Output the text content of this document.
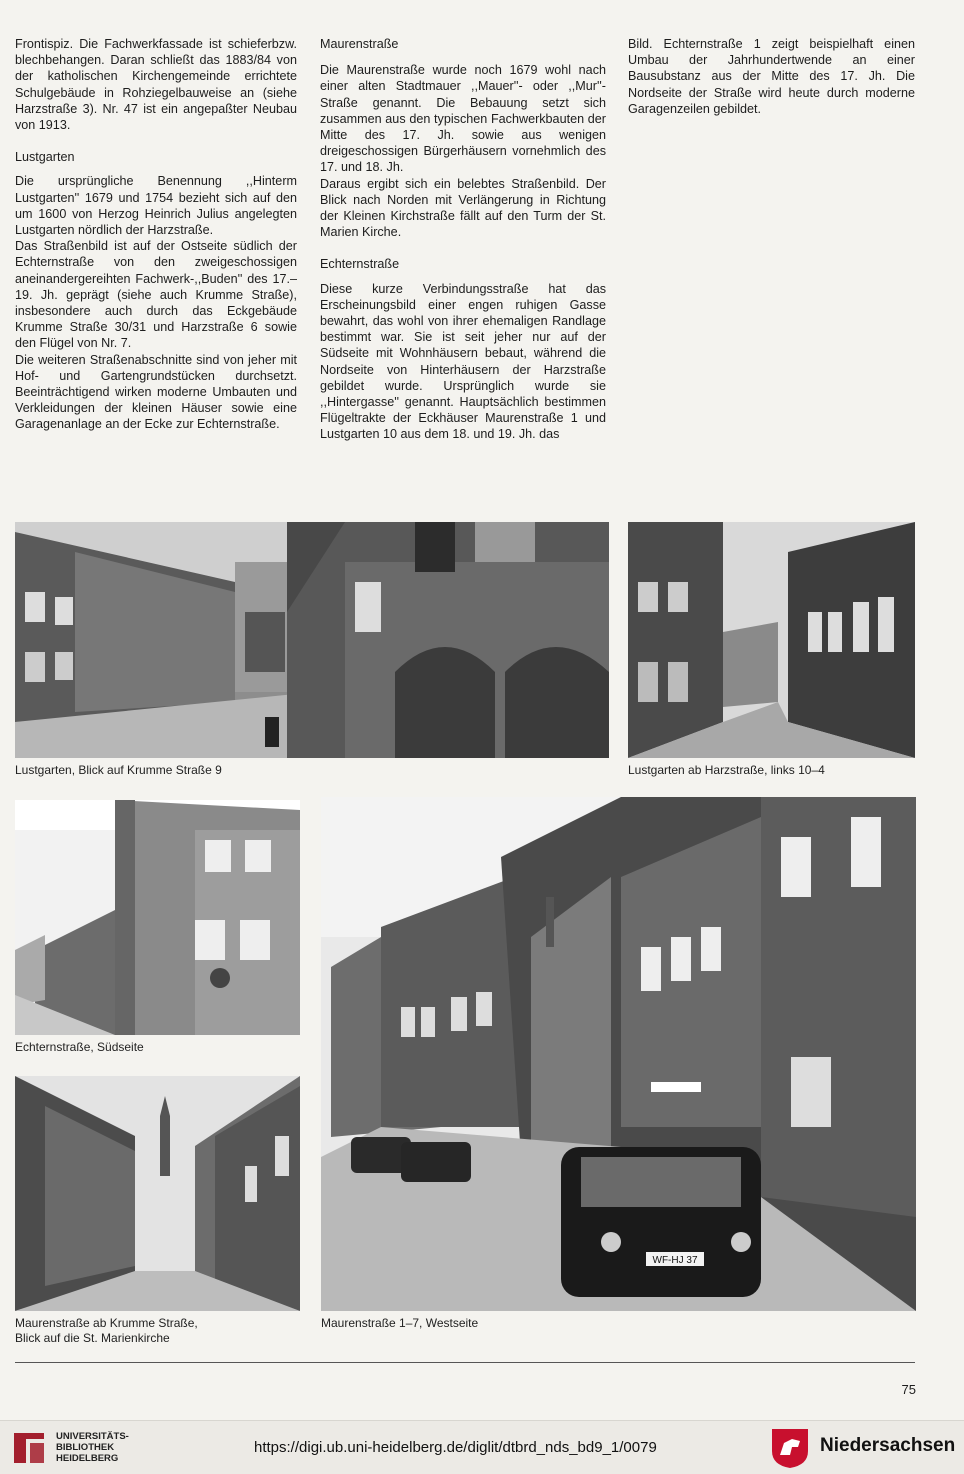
Frontispiz. Die Fachwerkfassade ist schieferbzw. blechbehangen. Daran schließt das 1883/84 von der katholischen Kirchengemeinde errichtete Schulgebäude in Rohziegelbauweise an (siehe Harzstraße 3). Nr. 47 ist ein angepaßter Neubau von 1913.

Lustgarten

Die ursprüngliche Benennung ,,Hinterm Lustgarten'' 1679 und 1754 bezieht sich auf den um 1600 von Herzog Heinrich Julius angelegten Lustgarten nördlich der Harzstraße.

Das Straßenbild ist auf der Ostseite südlich der Echternstraße von den zweigeschossigen aneinandergereihten Fachwerk-,,Buden'' des 17.–19. Jh. geprägt (siehe auch Krumme Straße), insbesondere auch durch das Eckgebäude Krumme Straße 30/31 und Harzstraße 6 sowie den Flügel von Nr. 7.

Die weiteren Straßenabschnitte sind von jeher mit Hof- und Gartengrundstücken durchsetzt. Beeinträchtigend wirken moderne Umbauten und Verkleidungen der kleinen Häuser sowie eine Garagenanlage an der Ecke zur Echternstraße.

Maurenstraße

Die Maurenstraße wurde noch 1679 wohl nach einer alten Stadtmauer ,,Mauer''- oder ,,Mur''-Straße genannt. Die Bebauung setzt sich zusammen aus den typischen Fachwerkbauten der Mitte des 17. Jh. sowie aus wenigen dreigeschossigen Bürgerhäusern vornehmlich des 17. und 18. Jh.

Daraus ergibt sich ein belebtes Straßenbild. Der Blick nach Norden mit Verlängerung in Richtung der Kleinen Kirchstraße fällt auf den Turm der St. Marien Kirche.

Echternstraße

Diese kurze Verbindungsstraße hat das Erscheinungsbild einer engen ruhigen Gasse bewahrt, das wohl von ihrer ehemaligen Randlage bestimmt war. Sie ist seit jeher nur auf der Südseite mit Wohnhäusern bebaut, während die Nordseite von Hinterhäusern der Harzstraße gebildet wurde. Ursprünglich wurde sie ,,Hintergasse'' genannt. Hauptsächlich bestimmen Flügeltrakte der Eckhäuser Maurenstraße 1 und Lustgarten 10 aus dem 18. und 19. Jh. das

Bild. Echternstraße 1 zeigt beispielhaft einen Umbau der Jahrhundertwende an einer Bausubstanz aus der Mitte des 17. Jh. Die Nordseite der Straße wird heute durch moderne Garagenzeilen gebildet.

Lustgarten, Blick auf Krumme Straße 9	Lustgarten ab Harzstraße, links 10–4
Echternstraße, Südseite
Maurenstraße ab Krumme Straße,
Blick auf die St. Marienkirche
WF-HJ 37
Maurenstraße 1–7, Westseite
75
UNIVERSITÄTS-
BIBLIOTHEK
HEIDELBERG
https://digi.ub.uni-heidelberg.de/diglit/dtbrd_nds_bd9_1/0079	Niedersachsen
